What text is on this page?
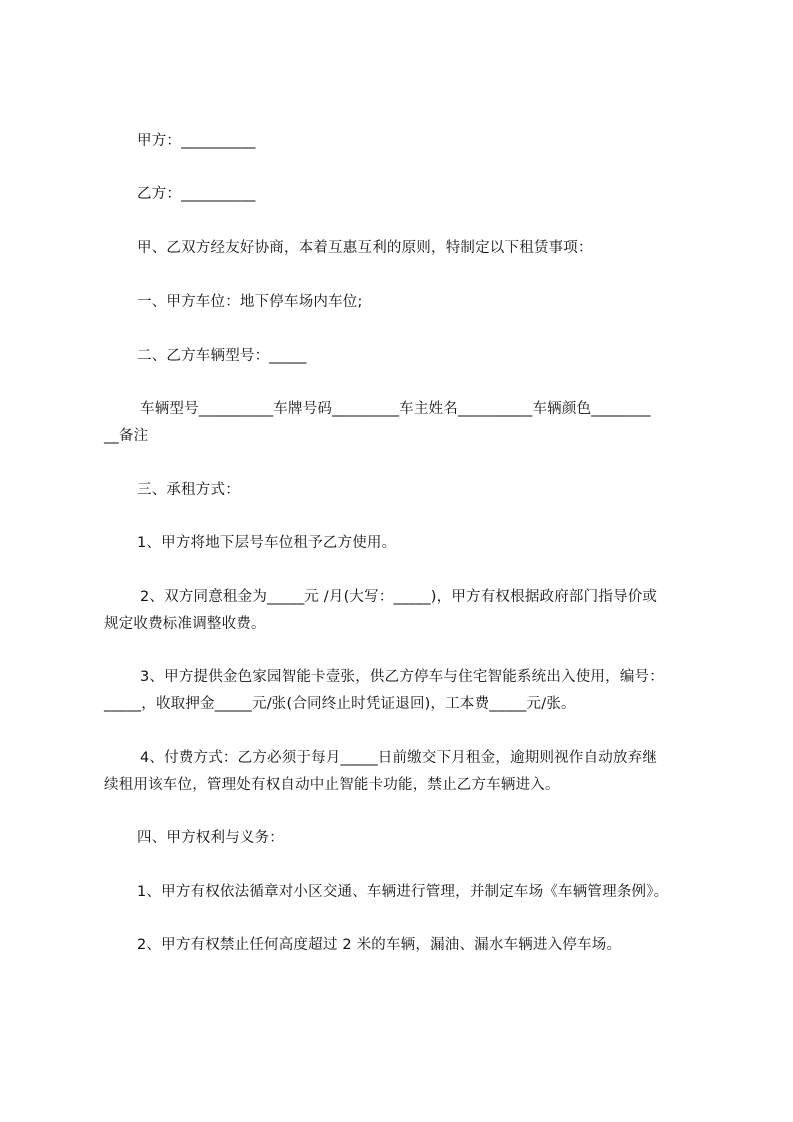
甲方：__________
乙方：__________
甲、乙双方经友好协商，本着互惠互利的原则，特制定以下租赁事项：
一、甲方车位：地下停车场内车位;
二、乙方车辆型号：_____
车辆型号__________车牌号码_________车主姓名__________车辆颜色________
__备注
三、承租方式：
1、甲方将地下层号车位租予乙方使用。
2、双方同意租金为_____元 /月(大写：_____)，甲方有权根据政府部门指导价或
规定收费标准调整收费。
3、甲方提供金色家园智能卡壹张，供乙方停车与住宅智能系统出入使用，编号：
_____，收取押金_____元/张(合同终止时凭证退回)，工本费_____元/张。
4、付费方式：乙方必须于每月_____日前缴交下月租金，逾期则视作自动放弃继
续租用该车位，管理处有权自动中止智能卡功能，禁止乙方车辆进入。
四、甲方权利与义务：
1、甲方有权依法循章对小区交通、车辆进行管理，并制定车场《车辆管理条例》。
2、甲方有权禁止任何高度超过 2 米的车辆，漏油、漏水车辆进入停车场。
